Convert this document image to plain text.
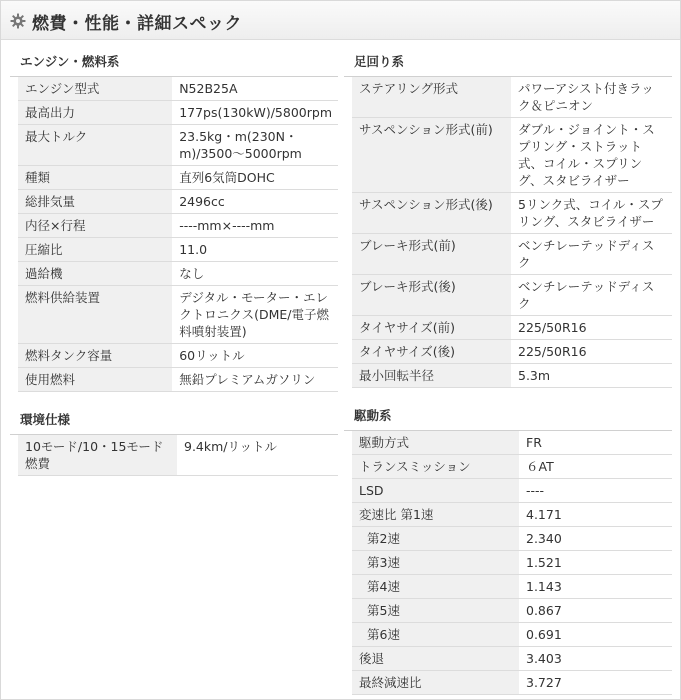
燃費・性能・詳細スペック
エンジン・燃料系
エンジン型式	N52B25A
最高出力	177ps(130kW)/5800rpm
最大トルク	23.5kg・m(230N・m)/3500〜5000rpm
種類	直列6気筒DOHC
総排気量	2496cc
内径×行程	----mm×----mm
圧縮比	11.0
過給機	なし
燃料供給装置	デジタル・モーター・エレクトロニクス(DME/電子燃料噴射装置)
燃料タンク容量	60リットル
使用燃料	無鉛プレミアムガソリン
環境仕様
10モード/10・15モード燃費	9.4km/リットル
足回り系
ステアリング形式	パワーアシスト付きラック＆ピニオン
サスペンション形式(前)	ダブル・ジョイント・スプリング・ストラット式、コイル・スプリング、スタビライザー
サスペンション形式(後)	5リンク式、コイル・スプリング、スタビライザー
ブレーキ形式(前)	ベンチレーテッドディスク
ブレーキ形式(後)	ベンチレーテッドディスク
タイヤサイズ(前)	225/50R16
タイヤサイズ(後)	225/50R16
最小回転半径	5.3m
駆動系
駆動方式	FR
トランスミッション	６AT
LSD	----
変速比 第1速	4.171
第2速	2.340
第3速	1.521
第4速	1.143
第5速	0.867
第6速	0.691
後退	3.403
最終減速比	3.727
